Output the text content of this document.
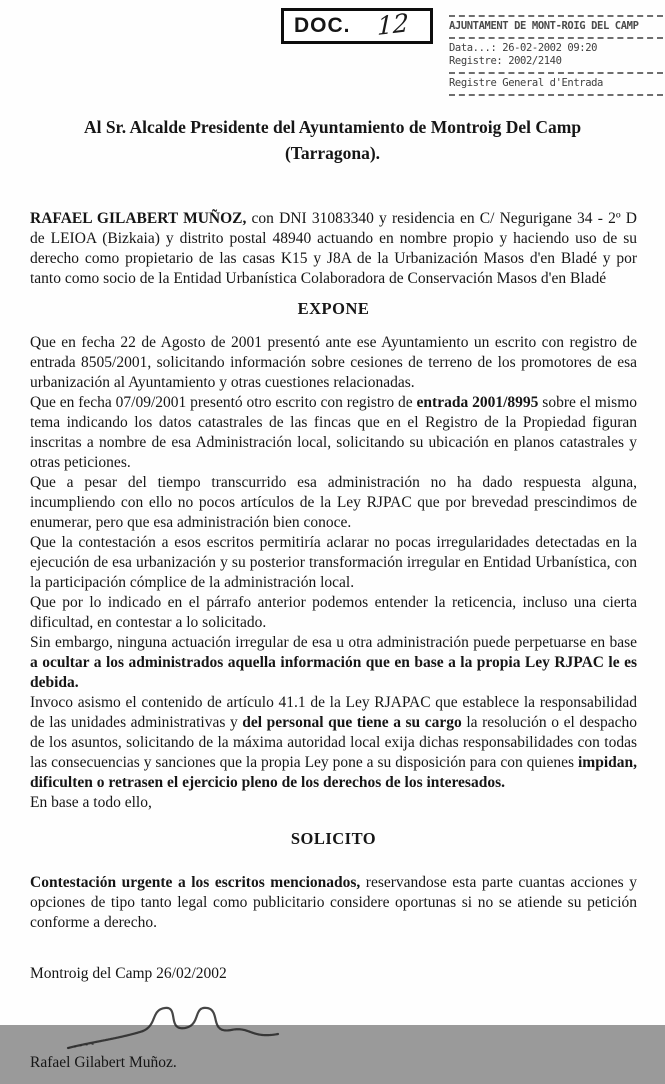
DOC. 12	AJUNTAMENT DE MONT-ROIG DEL CAMP
Data...: 26-02-2002 09:20
Registre: 2002/2140
Registre General d'Entrada
Al Sr. Alcalde Presidente del Ayuntamiento de Montroig Del Camp
(Tarragona).

RAFAEL GILABERT MUÑOZ, con DNI 31083340 y residencia en C/ Negurigane 34 - 2º D de LEIOA (Bizkaia) y distrito postal 48940 actuando en nombre propio y haciendo uso de su derecho como propietario de las casas K15 y J8A de la Urbanización Masos d'en Bladé y por tanto como socio de la Entidad Urbanística Colaboradora de Conservación Masos d'en Bladé

EXPONE

Que en fecha 22 de Agosto de 2001 presentó ante ese Ayuntamiento un escrito con registro de entrada 8505/2001, solicitando información sobre cesiones de terreno de los promotores de esa urbanización al Ayuntamiento y otras cuestiones relacionadas.

Que en fecha 07/09/2001 presentó otro escrito con registro de entrada 2001/8995 sobre el mismo tema indicando los datos catastrales de las fincas que en el Registro de la Propiedad figuran inscritas a nombre de esa Administración local, solicitando su ubicación en planos catastrales y otras peticiones.

Que a pesar del tiempo transcurrido esa administración no ha dado respuesta alguna, incumpliendo con ello no pocos artículos de la Ley RJPAC que por brevedad prescindimos de enumerar, pero que esa administración bien conoce.

Que la contestación a esos escritos permitiría aclarar no pocas irregularidades detectadas en la ejecución de esa urbanización y su posterior transformación irregular en Entidad Urbanística, con la participación cómplice de la administración local.

Que por lo indicado en el párrafo anterior podemos entender la reticencia, incluso una cierta dificultad, en contestar a lo solicitado.

Sin embargo, ninguna actuación irregular de esa u otra administración puede perpetuarse en base a ocultar a los administrados aquella información que en base a la propia Ley RJPAC le es debida.

Invoco asismo el contenido de artículo 41.1 de la Ley RJAPAC que establece la responsabilidad de las unidades administrativas y del personal que tiene a su cargo la resolución o el despacho de los asuntos, solicitando de la máxima autoridad local exija dichas responsabilidades con todas las consecuencias y sanciones que la propia Ley pone a su disposición para con quienes impidan, dificulten o retrasen el ejercicio pleno de los derechos de los interesados.

En base a todo ello,

SOLICITO

Contestación urgente a los escritos mencionados, reservandose esta parte cuantas acciones y opciones de tipo tanto legal como publicitario considere oportunas si no se atiende su petición conforme a derecho.

Montroig del Camp 26/02/2002

Rafael Gilabert Muñoz.
